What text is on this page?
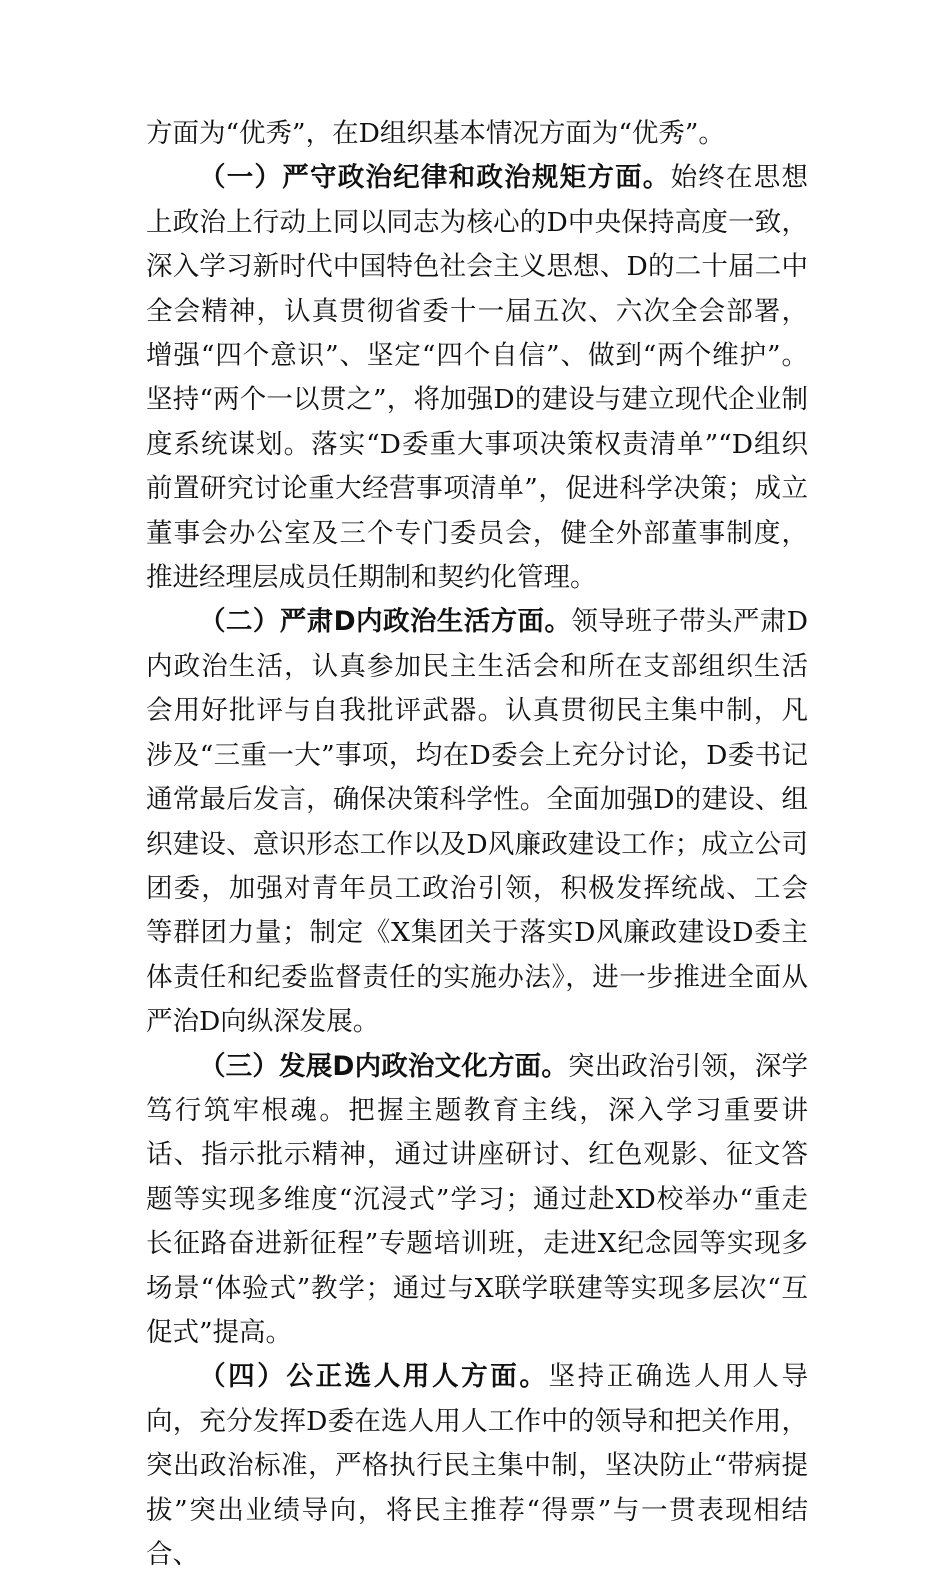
方面为“优秀”，在D组织基本情况方面为“优秀”。

（一）严守政治纪律和政治规矩方面。始终在思想上政治上行动上同以同志为核心的D中央保持高度一致，深入学习新时代中国特色社会主义思想、D的二十届二中全会精神，认真贯彻省委十一届五次、六次全会部署，增强“四个意识”、坚定“四个自信”、做到“两个维护”。坚持“两个一以贯之”，将加强D的建设与建立现代企业制度系统谋划。落实“D委重大事项决策权责清单”“D组织前置研究讨论重大经营事项清单”，促进科学决策；成立董事会办公室及三个专门委员会，健全外部董事制度，推进经理层成员任期制和契约化管理。

（二）严肃D内政治生活方面。领导班子带头严肃D内政治生活，认真参加民主生活会和所在支部组织生活会用好批评与自我批评武器。认真贯彻民主集中制，凡涉及“三重一大”事项，均在D委会上充分讨论，D委书记通常最后发言，确保决策科学性。全面加强D的建设、组织建设、意识形态工作以及D风廉政建设工作；成立公司团委，加强对青年员工政治引领，积极发挥统战、工会等群团力量；制定《X集团关于落实D风廉政建设D委主体责任和纪委监督责任的实施办法》，进一步推进全面从严治D向纵深发展。

（三）发展D内政治文化方面。突出政治引领，深学笃行筑牢根魂。把握主题教育主线，深入学习重要讲话、指示批示精神，通过讲座研讨、红色观影、征文答题等实现多维度“沉浸式”学习；通过赴XD校举办“重走长征路奋进新征程”专题培训班，走进X纪念园等实现多场景“体验式”教学；通过与X联学联建等实现多层次“互促式”提高。

（四）公正选人用人方面。坚持正确选人用人导向，充分发挥D委在选人用人工作中的领导和把关作用，突出政治标准，严格执行民主集中制，坚决防止“带病提拔”突出业绩导向，将民主推荐“得票”与一贯表现相结合、
